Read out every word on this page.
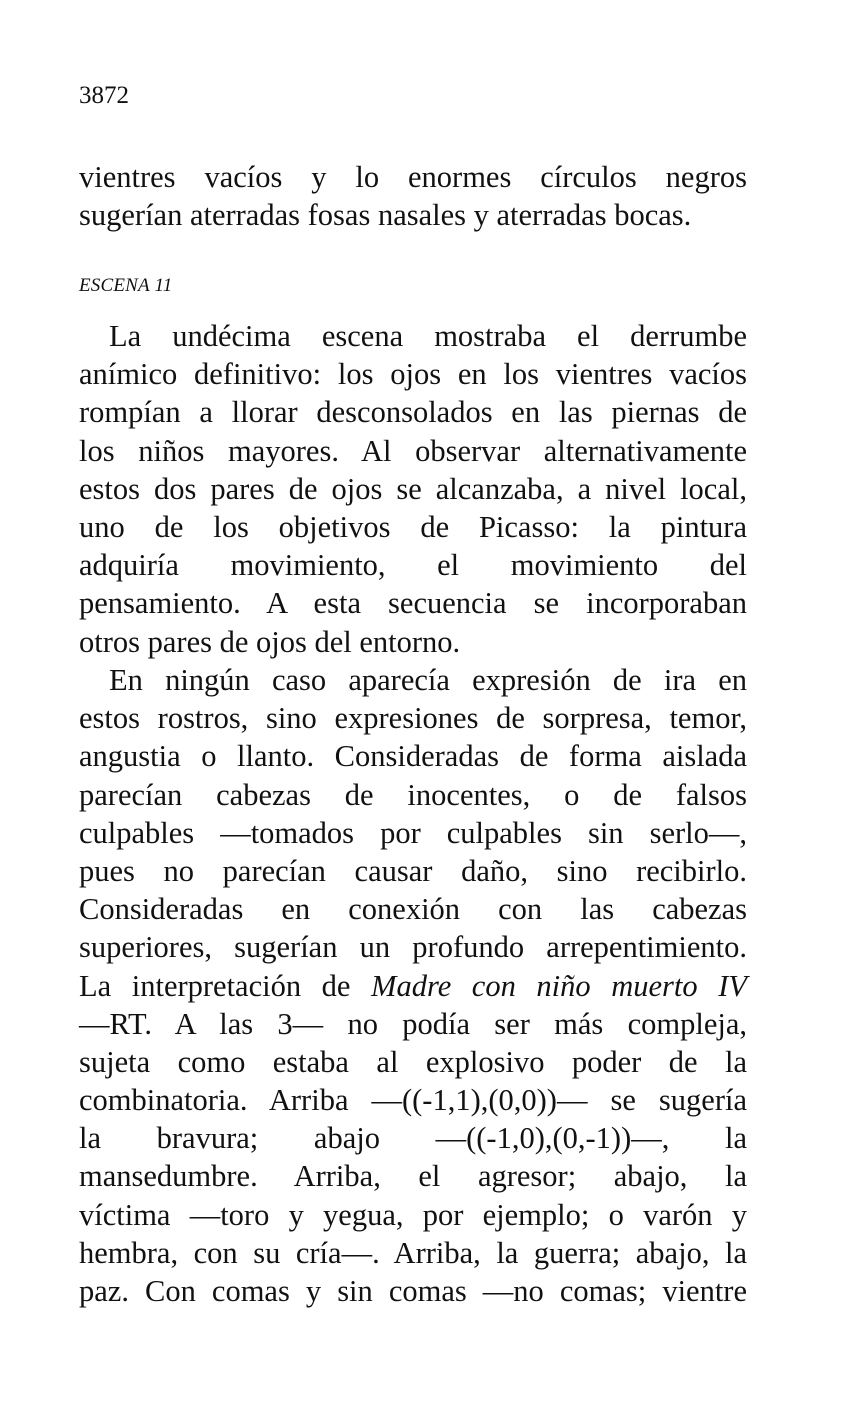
3872

vientres vacíos y lo enormes círculos negros
sugerían aterradas fosas nasales y aterradas bocas.

ESCENA 11

La undécima escena mostraba el derrumbe
anímico definitivo: los ojos en los vientres vacíos
rompían a llorar desconsolados en las piernas de
los niños mayores. Al observar alternativamente
estos dos pares de ojos se alcanzaba, a nivel local,
uno de los objetivos de Picasso: la pintura
adquiría movimiento, el movimiento del
pensamiento. A esta secuencia se incorporaban
otros pares de ojos del entorno.
En ningún caso aparecía expresión de ira en
estos rostros, sino expresiones de sorpresa, temor,
angustia o llanto. Consideradas de forma aislada
parecían cabezas de inocentes, o de falsos
culpables —tomados por culpables sin serlo—,
pues no parecían causar daño, sino recibirlo.
Consideradas en conexión con las cabezas
superiores, sugerían un profundo arrepentimiento.
La interpretación de Madre con niño muerto IV
—RT. A las 3— no podía ser más compleja,
sujeta como estaba al explosivo poder de la
combinatoria. Arriba —((-1,1),(0,0))— se sugería
la bravura; abajo —((-1,0),(0,-1))—, la
mansedumbre. Arriba, el agresor; abajo, la
víctima —toro y yegua, por ejemplo; o varón y
hembra, con su cría—. Arriba, la guerra; abajo, la
paz. Con comas y sin comas —no comas; vientre
